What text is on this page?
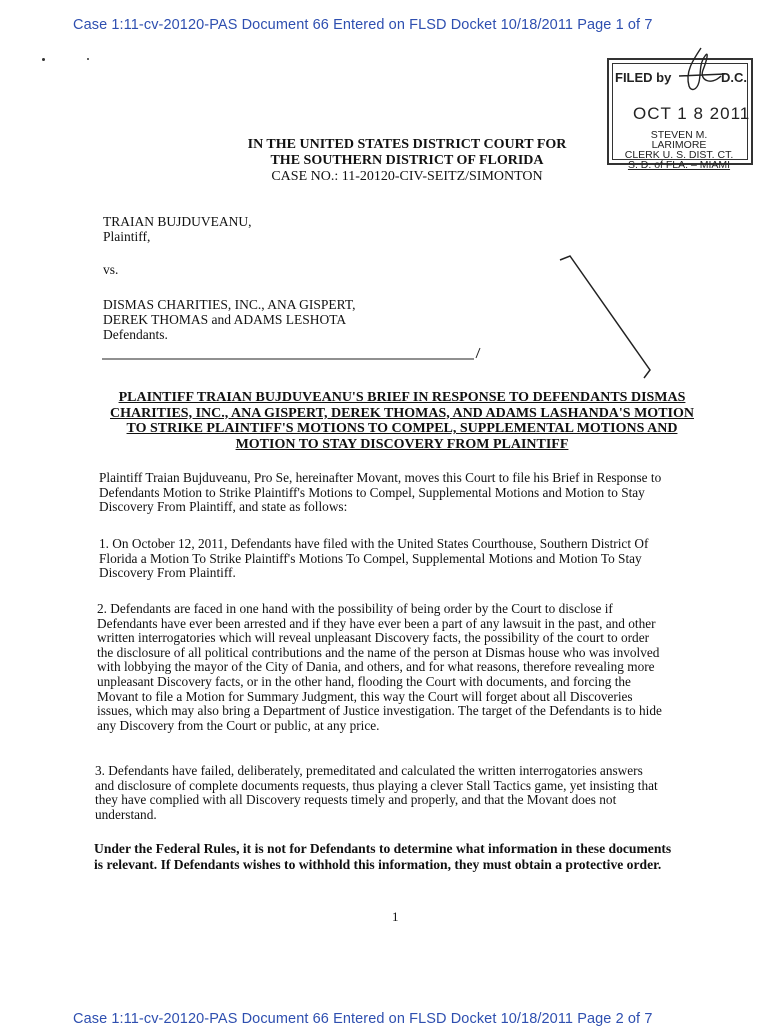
Case 1:11-cv-20120-PAS Document 66 Entered on FLSD Docket 10/18/2011 Page 1 of 7
FILED by	D.C.
OCT 1 8 2011
STEVEN M. LARIMORE
CLERK U. S. DIST. CT.
S. D. of FLA. – MIAMI
IN THE UNITED STATES DISTRICT COURT FOR
THE SOUTHERN DISTRICT OF FLORIDA
CASE NO.: 11-20120-CIV-SEITZ/SIMONTON
TRAIAN BUJDUVEANU,
Plaintiff,
vs.
DISMAS CHARITIES, INC., ANA GISPERT,
DEREK THOMAS and ADAMS LESHOTA
Defendants.
PLAINTIFF TRAIAN BUJDUVEANU'S BRIEF IN RESPONSE TO DEFENDANTS DISMAS
CHARITIES, INC., ANA GISPERT, DEREK THOMAS, AND ADAMS LASHANDA'S MOTION
TO STRIKE PLAINTIFF'S MOTIONS TO COMPEL, SUPPLEMENTAL MOTIONS AND
MOTION TO STAY DISCOVERY FROM PLAINTIFF
Plaintiff Traian Bujduveanu, Pro Se, hereinafter Movant, moves this Court to file his Brief in Response to
Defendants Motion to Strike Plaintiff's Motions to Compel, Supplemental Motions and Motion to Stay
Discovery From Plaintiff, and state as follows:
1. On October 12, 2011, Defendants have filed with the United States Courthouse, Southern District Of
Florida a Motion To Strike Plaintiff's Motions To Compel, Supplemental Motions and Motion To Stay
Discovery From Plaintiff.
2. Defendants are faced in one hand with the possibility of being order by the Court to disclose if
Defendants have ever been arrested and if they have ever been a part of any lawsuit in the past, and other
written interrogatories which will reveal unpleasant Discovery facts, the possibility of the court to order
the disclosure of all political contributions and the name of the person at Dismas house who was involved
with lobbying the mayor of the City of Dania, and others, and for what reasons, therefore revealing more
unpleasant Discovery facts, or in the other hand, flooding the Court with documents, and forcing the
Movant to file a Motion for Summary Judgment, this way the Court will forget about all Discoveries
issues, which may also bring a Department of Justice investigation. The target of the Defendants is to hide
any Discovery from the Court or public, at any price.
3. Defendants have failed, deliberately, premeditated and calculated the written interrogatories answers
and disclosure of complete documents requests, thus playing a clever Stall Tactics game, yet insisting that
they have complied with all Discovery requests timely and properly, and that the Movant does not
understand.
Under the Federal Rules, it is not for Defendants to determine what information in these documents
is relevant. If Defendants wishes to withhold this information, they must obtain a protective order.
1
Case 1:11-cv-20120-PAS Document 66 Entered on FLSD Docket 10/18/2011 Page 2 of 7
